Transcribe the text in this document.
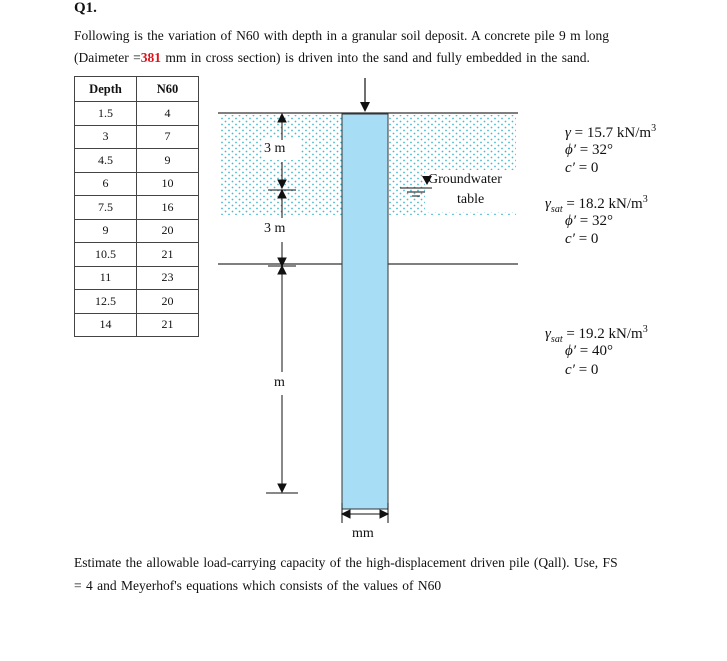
Q1.
Following is the variation of N60 with depth in a granular soil deposit. A concrete pile 9 m long
(Daimeter =381 mm in cross section) is driven into the sand and fully embedded in the sand.
Depth	N60
1.5	4
3	7
4.5	9
6	10
7.5	16
9	20
10.5	21
11	23
12.5	20
14	21
3 m
3 m
m
mm
Groundwater
table
γ = 15.7 $kN/m^3$
ϕ′ = 32°
c′ = 0
$\gamma_{sat} = 18.2$ $kN/m^3$
ϕ′ = 32°
c′ = 0
$\gamma_{sat} = 19.2$ $kN/m^3$
ϕ′ = 40°
c′ = 0
Estimate the allowable load-carrying capacity of the high-displacement driven pile (Qall). Use, FS
= 4 and Meyerhof's equations which consists of the values of N60
